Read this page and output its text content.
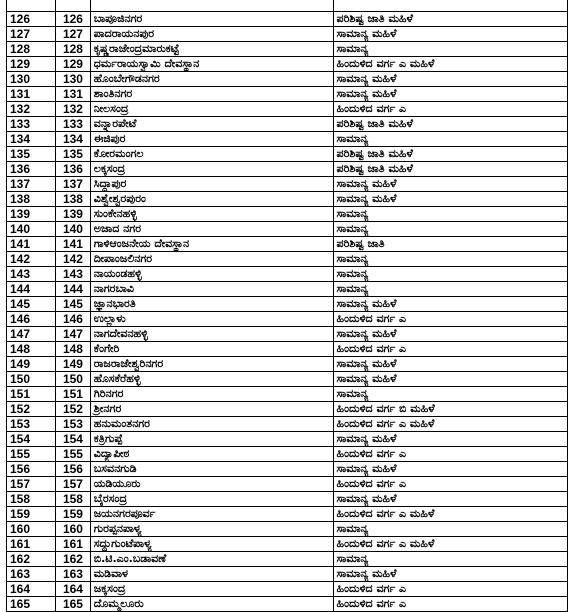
126	126	ಬಾಪೂಜಿನಗರ	ಪರಿಶಿಷ್ಟ ಜಾತಿ ಮಹಿಳೆ
127	127	ಪಾದರಾಯನಪುರ	ಸಾಮಾನ್ಯ ಮಹಿಳೆ
128	128	ಕೃಷ್ಣರಾಜೇಂದ್ರಮಾರುಕಟ್ಟೆ	ಸಾಮಾನ್ಯ
129	129	ಧರ್ಮರಾಯಸ್ವಾಮಿ ದೇವಸ್ಥಾನ	ಹಿಂದುಳಿದ ವರ್ಗ ಎ ಮಹಿಳೆ
130	130	ಹೊಂಬೇಗೌಡನಗರ	ಸಾಮಾನ್ಯ ಮಹಿಳೆ
131	131	ಶಾಂತಿನಗರ	ಸಾಮಾನ್ಯ ಮಹಿಳೆ
132	132	ನೀಲಸಂದ್ರ	ಹಿಂದುಳಿದ ವರ್ಗ ಎ
133	133	ವನ್ನಾರಪೇಟೆ	ಪರಿಶಿಷ್ಟ ಜಾತಿ ಮಹಿಳೆ
134	134	ಈಜಿಪುರ	ಸಾಮಾನ್ಯ
135	135	ಕೋರಮಂಗಲ	ಪರಿಶಿಷ್ಟ ಜಾತಿ ಮಹಿಳೆ
136	136	ಲಕ್ಕಸಂದ್ರ	ಪರಿಶಿಷ್ಟ ಜಾತಿ ಮಹಿಳೆ
137	137	ಸಿದ್ದಾಪುರ	ಸಾಮಾನ್ಯ ಮಹಿಳೆ
138	138	ವಿಶ್ವೇಶ್ವರಪುರಂ	ಸಾಮಾನ್ಯ ಮಹಿಳೆ
139	139	ಸುಂಕೇನಹಳ್ಳಿ	ಸಾಮಾನ್ಯ
140	140	ಅಜಾದ ನಗರ	ಸಾಮಾನ್ಯ
141	141	ಗಾಳಿಆಂಜನೇಯ ದೇವಸ್ಥಾನ	ಪರಿಶಿಷ್ಟ ಜಾತಿ
142	142	ದೀಪಾಂಜಲಿನಗರ	ಸಾಮಾನ್ಯ
143	143	ನಾಯಂಡಹಳ್ಳಿ	ಸಾಮಾನ್ಯ
144	144	ನಾಗರಬಾವಿ	ಸಾಮಾನ್ಯ
145	145	ಜ್ಞಾನಭಾರತಿ	ಸಾಮಾನ್ಯ ಮಹಿಳೆ
146	146	ಉಲ್ಲಾಳು	ಹಿಂದುಳಿದ ವರ್ಗ ಎ
147	147	ನಾಗದೇವನಹಳ್ಳಿ	ಸಾಮಾನ್ಯ ಮಹಿಳೆ
148	148	ಕೆಂಗೇರಿ	ಹಿಂದುಳಿದ ವರ್ಗ ಎ
149	149	ರಾಜರಾಜೇಶ್ವರಿನಗರ	ಸಾಮಾನ್ಯ ಮಹಿಳೆ
150	150	ಹೊಸಕೆರೆಹಳ್ಳಿ	ಸಾಮಾನ್ಯ ಮಹಿಳೆ
151	151	ಗಿರಿನಗರ	ಸಾಮಾನ್ಯ
152	152	ಶ್ರೀನಗರ	ಹಿಂದುಳಿದ ವರ್ಗ ಬಿ ಮಹಿಳೆ
153	153	ಹನುಮಂತನಗರ	ಹಿಂದುಳಿದ ವರ್ಗ ಎ ಮಹಿಳೆ
154	154	ಕತ್ರಿಗುಪ್ಪೆ	ಸಾಮಾನ್ಯ ಮಹಿಳೆ
155	155	ವಿದ್ಯಾಪೀಠ	ಹಿಂದುಳಿದ ವರ್ಗ ಎ
156	156	ಬಸವನಗುಡಿ	ಸಾಮಾನ್ಯ ಮಹಿಳೆ
157	157	ಯಡಿಯೂರು	ಹಿಂದುಳಿದ ವರ್ಗ ಎ
158	158	ಬೈರಸಂದ್ರ	ಸಾಮಾನ್ಯ ಮಹಿಳೆ
159	159	ಜಯನಗರಪೂರ್ವ	ಹಿಂದುಳಿದ ವರ್ಗ ಎ ಮಹಿಳೆ
160	160	ಗುರಪ್ಪನಪಾಳ್ಯ	ಸಾಮಾನ್ಯ
161	161	ಸದ್ದುಗುಂಟೆಪಾಳ್ಯ	ಹಿಂದುಳಿದ ವರ್ಗ ಎ ಮಹಿಳೆ
162	162	ಬಿ.ಟಿ.ಎಂ.ಬಡಾವಣೆ	ಸಾಮಾನ್ಯ
163	163	ಮಡಿವಾಳ	ಸಾಮಾನ್ಯ ಮಹಿಳೆ
164	164	ಜಕ್ಕಸಂದ್ರ	ಹಿಂದುಳಿದ ವರ್ಗ ಎ
165	165	ದೊಮ್ಮಲೂರು	ಹಿಂದುಳಿದ ವರ್ಗ ಎ
